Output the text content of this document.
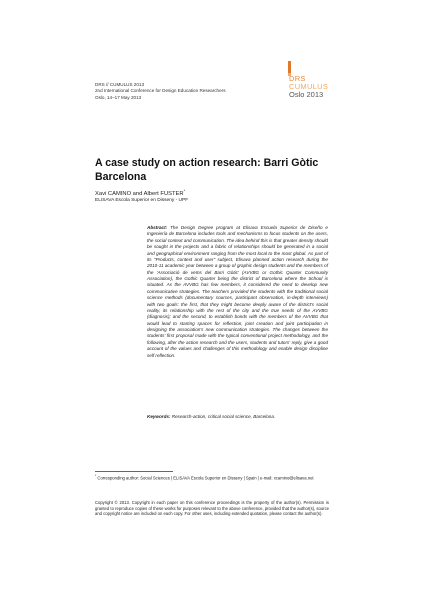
DRS // CUMULUS 2013
2nd International Conference for Design Education Researchers
Oslo, 14–17 May 2013
DRS
CUMULUS
Oslo 2013
A case study on action research: Barri Gòtic Barcelona
Xavi CAMINO and Albert FUSTER*
ELISAVA Escola Superior en Disseny - UPF

Abstract: The Design Degree program at Elisava Escuela Superior de Diseño e Ingeniería de Barcelona includes tools and mechanisms to focus students on the users, the social context and communication. The idea behind this is that greater density should be sought in the projects and a fabric of relationships should be generated in a social and geographical environment ranging from the most local to the most global. As part of its "Products, context and user" subject, Elisava planned action research during the 2010-11 academic year between a group of graphic design students and the members of the 'Associació de veïns del Barri Gòtic' (AVVBG or Gothic Quarter Community Association), the Gothic Quarter being the district of Barcelona where the School is situated. As the AVVBG has few members, it considered the need to develop new communicative strategies. The teachers provided the students with the traditional social science methods (documentary sources, participant observation, in-depth interviews) with two goals: the first, that they might become deeply aware of the district's social reality, its relationship with the rest of the city and the true needs of the AVVBG (diagnosis); and the second, to establish bonds with the members of the AVVBG that would lead to starting spaces for reflection, joint creation and joint participation in designing the association's new communication strategies. The changes between the students' first proposal made with the typical conventional project methodology, and the following, after the action research and the users, students and tutors' reply, give a good account of the values and challenges of this methodology and enable design discipline self reflection.

Keywords: Research-action, critical social science, Barcelona.
* Corresponding author: Social Sciences | ELISAVA Escola Superior en Disseny | Spain | e-mail: xcamino@elisava.net
Copyright © 2013. Copyright in each paper on this conference proceedings is the property of the author(s). Permission is granted to reproduce copies of these works for purposes relevant to the above conference, provided that the author(s), source and copyright notice are included on each copy. For other uses, including extended quotation, please contact the author(s).
